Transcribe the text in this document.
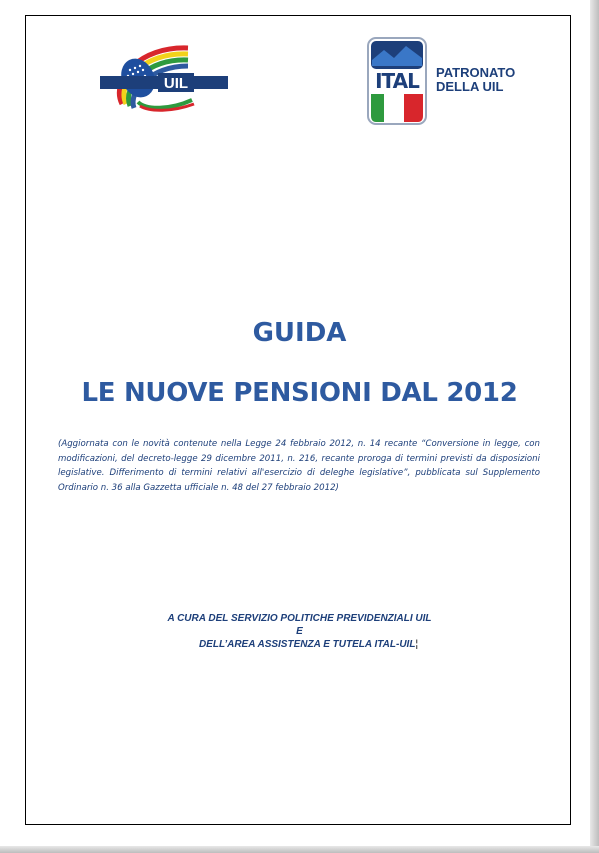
UIL	ITAL PATRONATO
DELLA UIL
GUIDA
LE NUOVE PENSIONI DAL 2012
(Aggiornata con le novità contenute nella Legge 24 febbraio 2012, n. 14 recante “Conversione in legge, con modificazioni, del decreto-legge 29 dicembre 2011, n. 216, recante proroga di termini previsti da disposizioni legislative. Differimento di termini relativi all'esercizio di deleghe legislative”, pubblicata sul Supplemento Ordinario n. 36 alla Gazzetta ufficiale n. 48 del 27 febbraio 2012)
A CURA DEL SERVIZIO POLITICHE PREVIDENZIALI UIL
E
DELL’AREA ASSISTENZA E TUTELA ITAL-UIL¦
